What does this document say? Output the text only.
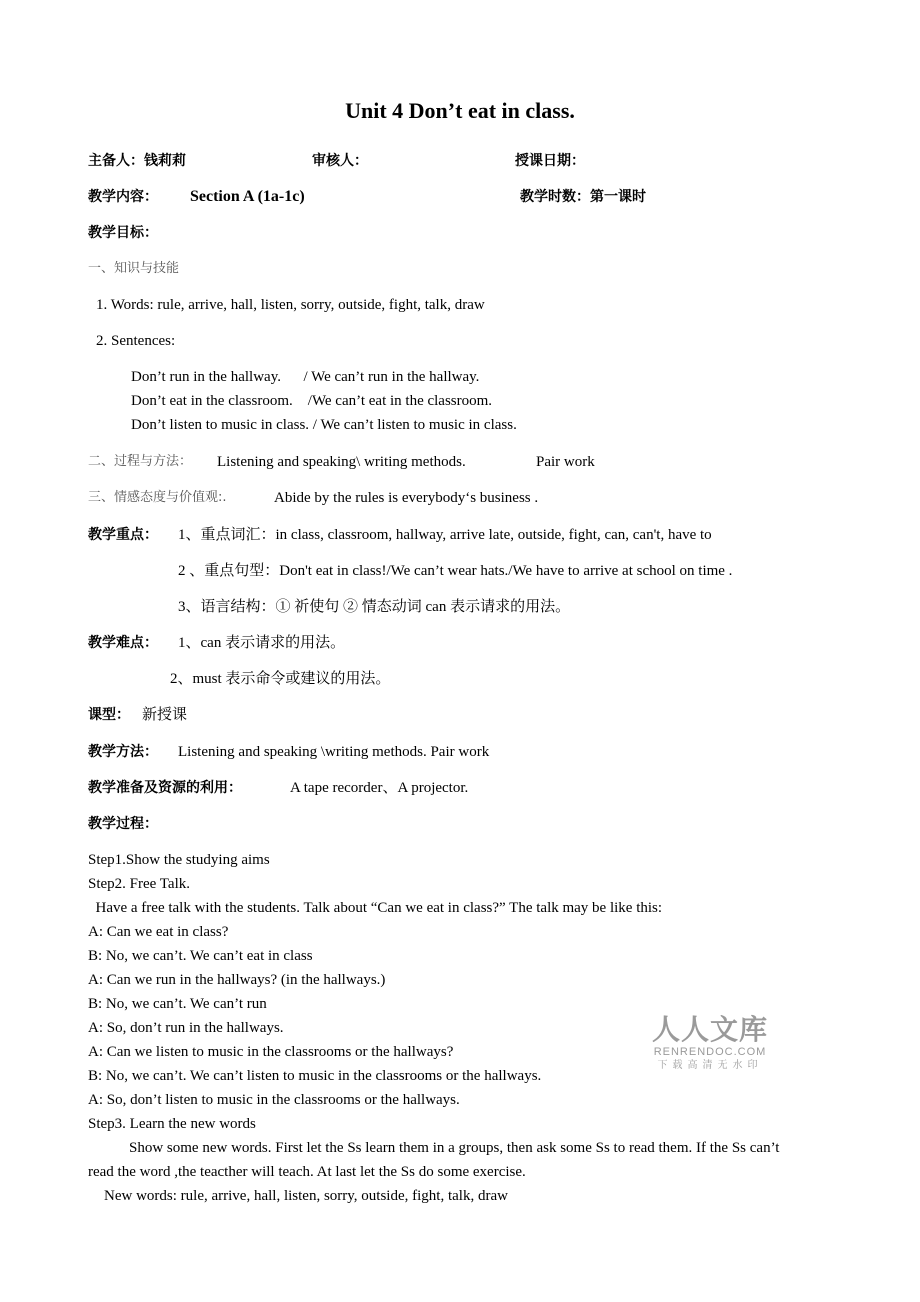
Unit 4 Don’t eat in class.
主备人：钱莉莉	审核人：	授课日期：
教学内容： Section A (1a-1c)	教学时数：第一课时
教学目标：
一、知识与技能
1. Words: rule, arrive, hall, listen, sorry, outside, fight, talk, draw
2. Sentences:
Don’t run in the hallway.      / We can’t run in the hallway.
Don’t eat in the classroom.    /We can’t eat in the classroom.
Don’t listen to music in class. / We can’t listen to music in class.
二、过程与方法： Listening and speaking\ writing methods.	Pair work
三、情感态度与价值观:.	Abide by the rules is everybody‘s business .
教学重点： 1、重点词汇：in class, classroom, hallway, arrive late, outside, fight, can, can't, have to
2 、重点句型：Don't eat in class!/We can’t wear hats./We have to arrive at school on time .
3、语言结构：① 祈使句 ② 情态动词 can 表示请求的用法。
教学难点： 1、can 表示请求的用法。
2、must 表示命令或建议的用法。
课型： 新授课
教学方法： Listening and speaking \writing methods. Pair work
教学准备及资源的利用：	A tape recorder、A projector.
教学过程：
Step1.Show the studying aims
Step2. Free Talk.
Have a free talk with the students. Talk about “Can we eat in class?” The talk may be like this:
A: Can we eat in class?
B: No, we can’t. We can’t eat in class
A: Can we run in the hallways? (in the hallways.)
B: No, we can’t. We can’t run
A: So, don’t run in the hallways.
A: Can we listen to music in the classrooms or the hallways?
B: No, we can’t. We can’t listen to music in the classrooms or the hallways.
A: So, don’t listen to music in the classrooms or the hallways.
Step3. Learn the new words
Show some new words. First let the Ss learn them in a groups, then ask some Ss to read them. If the Ss can’t
read the word ,the teacther will teach. At last let the Ss do some exercise.
New words: rule, arrive, hall, listen, sorry, outside, fight, talk, draw
人人文库
RENRENDOC.COM
下载高清无水印
